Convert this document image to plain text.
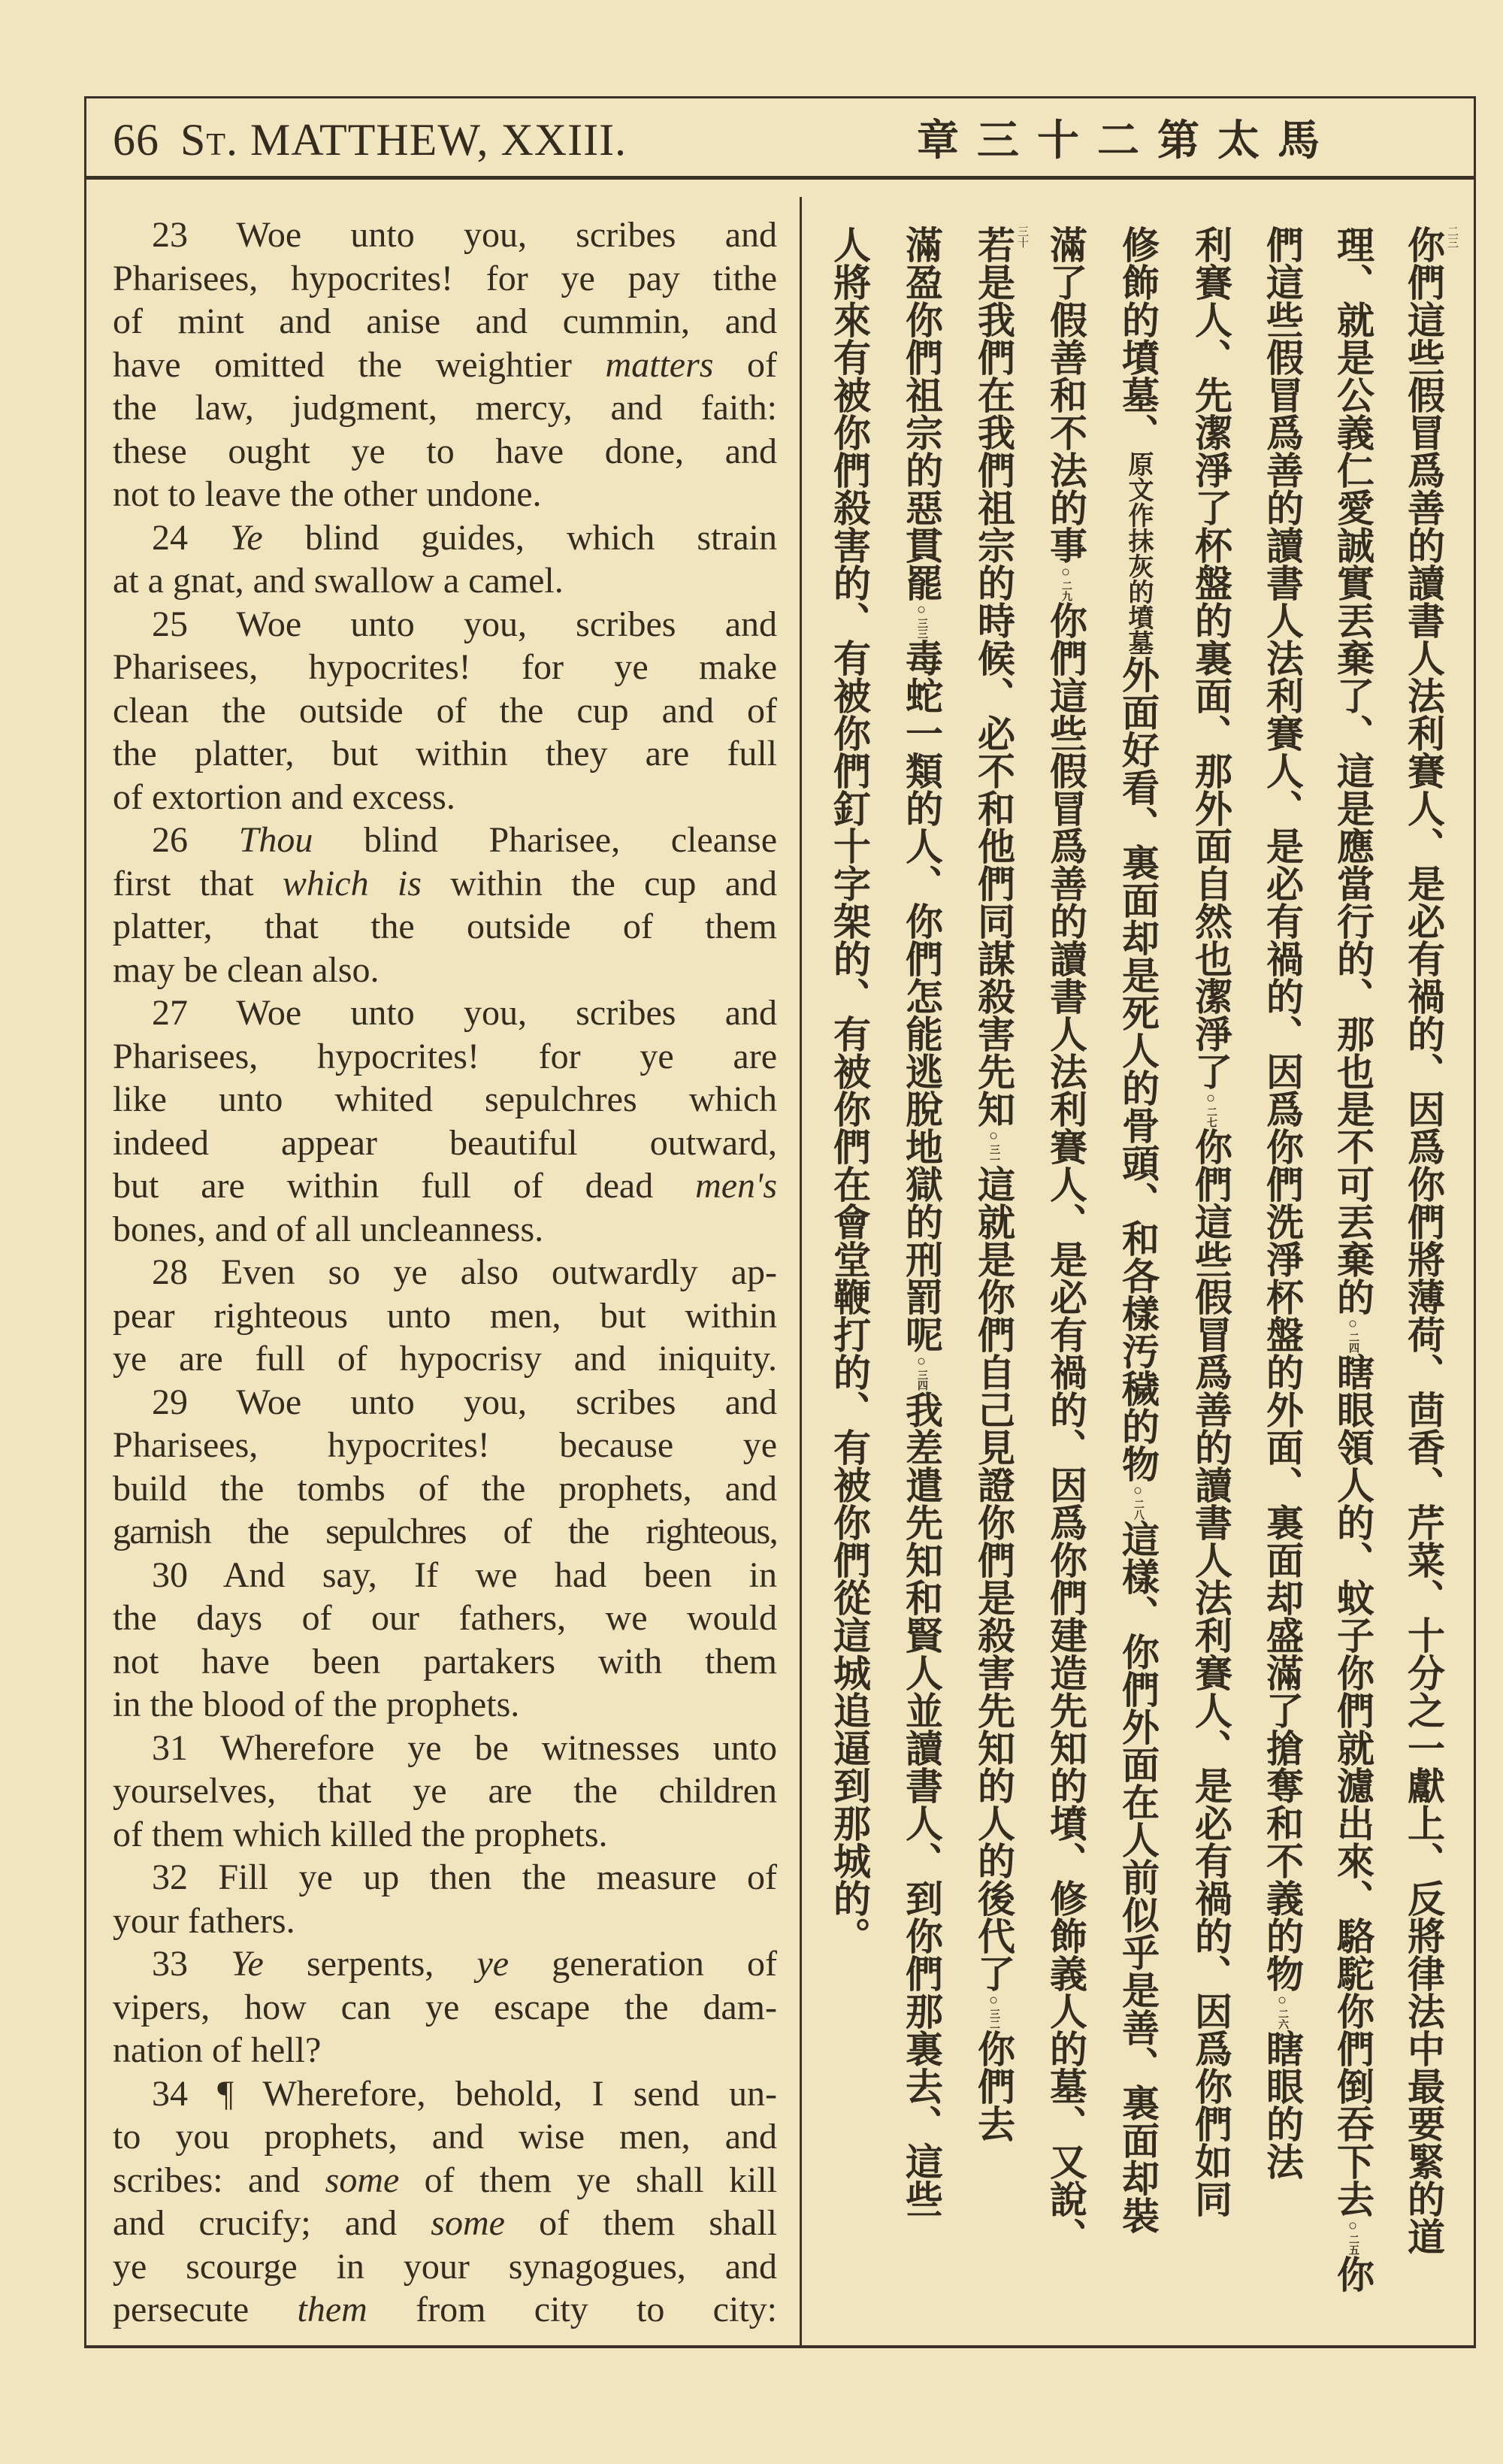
66 St. MATTHEW, XXIII.	馬太第二十三章
23 Woe unto you, scribes and
Pharisees, hypocrites! for ye pay tithe
of mint and anise and cummin, and
have omitted the weightier matters of
the law, judgment, mercy, and faith:
these ought ye to have done, and
not to leave the other undone.
24 Ye blind guides, which strain
at a gnat, and swallow a camel.
25 Woe unto you, scribes and
Pharisees, hypocrites! for ye make
clean the outside of the cup and of
the platter, but within they are full
of extortion and excess.
26 Thou blind Pharisee, cleanse
first that which is within the cup and
platter, that the outside of them
may be clean also.
27 Woe unto you, scribes and
Pharisees, hypocrites! for ye are
like unto whited sepulchres which
indeed appear beautiful outward,
but are within full of dead men's
bones, and of all uncleanness.
28 Even so ye also outwardly ap-
pear righteous unto men, but within
ye are full of hypocrisy and iniquity.
29 Woe unto you, scribes and
Pharisees, hypocrites! because ye
build the tombs of the prophets, and
garnish the sepulchres of the righteous,
30 And say, If we had been in
the days of our fathers, we would
not have been partakers with them
in the blood of the prophets.
31 Wherefore ye be witnesses unto
yourselves, that ye are the children
of them which killed the prophets.
32 Fill ye up then the measure of
your fathers.
33 Ye serpents, ye generation of
vipers, how can ye escape the dam-
nation of hell?
34 ¶ Wherefore, behold, I send un-
to you prophets, and wise men, and
scribes: and some of them ye shall kill
and crucify; and some of them shall
ye scourge in your synagogues, and
persecute them from city to city:
二三
你們這些假冒爲善的讀書人法利賽人、是必有禍的、因爲你們將薄荷、茴香、芹菜、十分之一獻上、反將律法中最要緊的道
理、就是公義仁愛誠實丟棄了、這是應當行的、那也是不可丟棄的○二四瞎眼領人的、蚊子你們就濾出來、駱駝你們倒吞下去○二五你
們這些假冒爲善的讀書人法利賽人、是必有禍的、因爲你們洗淨杯盤的外面、裏面却盛滿了搶奪和不義的物○二六瞎眼的法
利賽人、先潔淨了杯盤的裏面、那外面自然也潔淨了○二七你們這些假冒爲善的讀書人法利賽人、是必有禍的、因爲你們如同
修飾的墳墓、原文作抹灰的墳墓外面好看、裏面却是死人的骨頭、和各樣汚穢的物○二八這樣、你們外面在人前似乎是善、裏面却裝
滿了假善和不法的事○二九你們這些假冒爲善的讀書人法利賽人、是必有禍的、因爲你們建造先知的墳、修飾義人的墓、又說、
三十
若是我們在我們祖宗的時候、必不和他們同謀殺害先知○三一這就是你們自己見證你們是殺害先知的人的後代了○三二你們去
滿盈你們祖宗的惡貫罷○三三毒蛇一類的人、你們怎能逃脫地獄的刑罰呢○三四我差遣先知和賢人並讀書人、到你們那裏去、這些
人將來有被你們殺害的、有被你們釘十字架的、有被你們在會堂鞭打的、有被你們從這城追逼到那城的。
